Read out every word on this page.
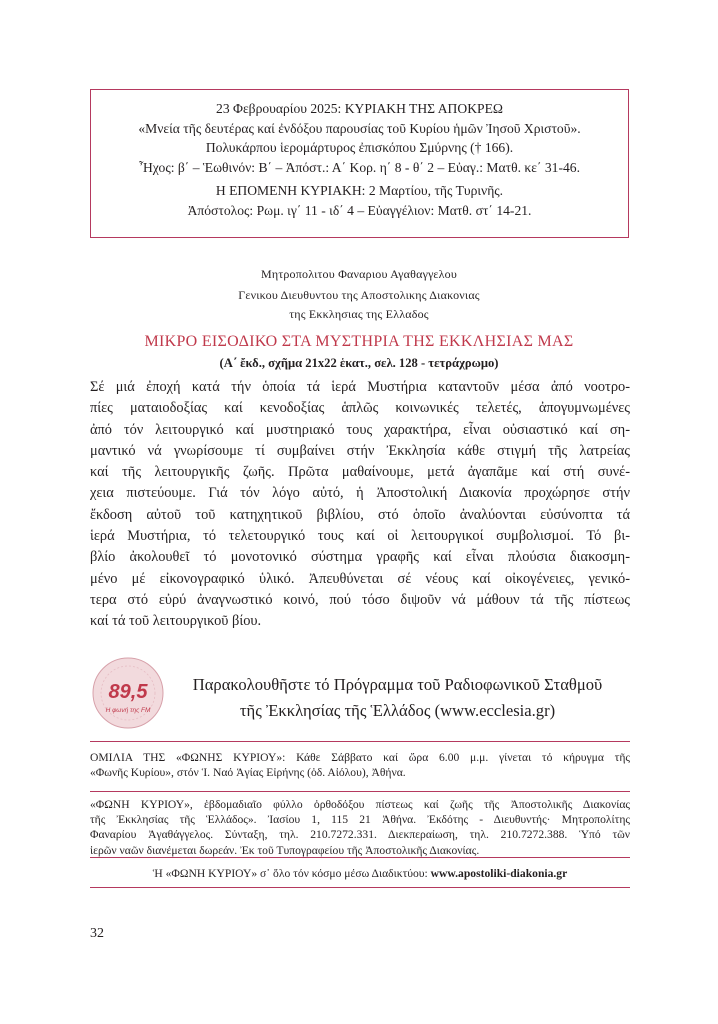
23 Φεβρουαρίου 2025: ΚΥΡΙΑΚΗ ΤΗΣ ΑΠΟΚΡΕΩ
«Μνεία τῆς δευτέρας καί ἐνδόξου παρουσίας τοῦ Κυρίου ἡμῶν Ἰησοῦ Χριστοῦ».
Πολυκάρπου ἱερομάρτυρος ἐπισκόπου Σμύρνης († 166).
Ἦχος: β΄ – Ἑωθινόν: Β΄ – Ἀπόστ.: Α΄ Κορ. η΄ 8 - θ΄ 2 – Εὐαγ.: Ματθ. κε΄ 31-46.
Η ΕΠΟΜΕΝΗ ΚΥΡΙΑΚΗ: 2 Μαρτίου, τῆς Τυρινῆς.
Ἀπόστολος: Ρωμ. ιγ΄ 11 - ιδ΄ 4 – Εὐαγγέλιον: Ματθ. στ΄ 14-21.
Μητροπολιτου Φαναριου Αγαθαγγελου
Γενικου Διευθυντου της Αποστολικης Διακονιας
της Εκκλησιας της Ελλαδος
ΜΙΚΡΟ ΕΙΣΟΔΙΚΟ ΣΤΑ ΜΥΣΤΗΡΙΑ ΤΗΣ ΕΚΚΛΗΣΙΑΣ ΜΑΣ
(Α΄ ἔκδ., σχῆμα 21x22 ἑκατ., σελ. 128 - τετράχρωμο)
Σέ μιά ἐποχή κατά τήν ὁποία τά ἱερά Μυστήρια καταντοῦν μέσα ἀπό νοοτρο-
πίες ματαιοδοξίας καί κενοδοξίας ἁπλῶς κοινωνικές τελετές, ἀπογυμνωμένες
ἀπό τόν λειτουργικό καί μυστηριακό τους χαρακτήρα, εἶναι οὐσιαστικό καί ση-
μαντικό νά γνωρίσουμε τί συμβαίνει στήν Ἐκκλησία κάθε στιγμή τῆς λατρείας
καί τῆς λειτουργικῆς ζωῆς. Πρῶτα μαθαίνουμε, μετά ἀγαπᾶμε καί στή συνέ-
χεια πιστεύουμε. Γιά τόν λόγο αὐτό, ἡ Ἀποστολική Διακονία προχώρησε στήν
ἔκδοση αὐτοῦ τοῦ κατηχητικοῦ βιβλίου, στό ὁποῖο ἀναλύονται εὐσύνοπτα τά
ἱερά Μυστήρια, τό τελετουργικό τους καί οἱ λειτουργικοί συμβολισμοί. Τό βι-
βλίο ἀκολουθεῖ τό μονοτονικό σύστημα γραφῆς καί εἶναι πλούσια διακοσμη-
μένο μέ εἰκονογραφικό ὑλικό. Ἀπευθύνεται σέ νέους καί οἰκογένειες, γενικό-
τερα στό εὐρύ ἀναγνωστικό κοινό, πού τόσο διψοῦν νά μάθουν τά τῆς πίστεως
καί τά τοῦ λειτουργικοῦ βίου.
89,5
Η φωνή της FM
Παρακολουθῆστε τό Πρόγραμμα τοῦ Ραδιοφωνικοῦ Σταθμοῦ
τῆς Ἐκκλησίας τῆς Ἑλλάδος (www.ecclesia.gr)
ΟΜΙΛΙΑ ΤΗΣ «ΦΩΝΗΣ ΚΥΡΙΟΥ»: Κάθε Σάββατο καί ὥρα 6.00 μ.μ. γίνεται τό κήρυγμα τῆς
«Φωνῆς Κυρίου», στόν Ἱ. Ναό Ἁγίας Εἰρήνης (ὁδ. Αἰόλου), Ἀθήνα.
«ΦΩΝΗ ΚΥΡΙΟΥ», ἑβδομαδιαῖο φύλλο ὀρθοδόξου πίστεως καί ζωῆς τῆς Ἀποστολικῆς Διακονίας
τῆς Ἐκκλησίας τῆς Ἑλλάδος». Ἰασίου 1, 115 21 Ἀθήνα. Ἐκδότης - Διευθυντής· Μητροπολίτης
Φαναρίου Ἀγαθάγγελος. Σύνταξη, τηλ. 210.7272.331. Διεκπεραίωση, τηλ. 210.7272.388. Ὑπό τῶν
ἱερῶν ναῶν διανέμεται δωρεάν. Ἐκ τοῦ Τυπογραφείου τῆς Ἀποστολικῆς Διακονίας.
Ἡ «ΦΩΝΗ ΚΥΡΙΟΥ» σ᾽ ὅλο τόν κόσμο μέσω Διαδικτύου: www.apostoliki-diakonia.gr
32
